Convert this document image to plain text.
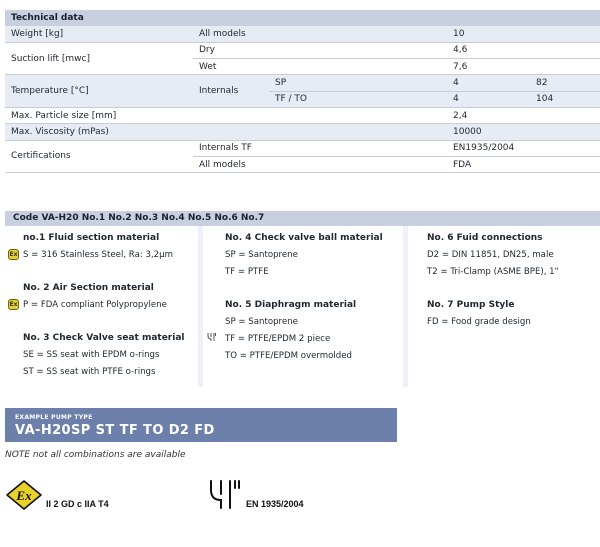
Technical data				
Weight [kg]	All models		10	
Suction lift [mwc]	Dry		4,6	
	Wet		7,6	
Temperature [°C]	Internals	SP	4	82
		TF / TO	4	104
Max. Particle size [mm]			2,4	
Max. Viscosity (mPas)			10000	
Certifications	Internals TF		EN1935/2004	
	All models		FDA	
Code VA-H20 No.1 No.2 No.3 No.4 No.5 No.6 No.7
no.1 Fluid section material
Ex S = 316 Stainless Steel, Ra: 3,2µm

No. 2 Air Section material
Ex P = FDA compliant Polypropylene

No. 3 Check Valve seat material

SE = SS seat with EPDM o-rings

ST = SS seat with PTFE o-rings

No. 4 Check valve ball material

SP = Santoprene

TF = PTFE

No. 5 Diaphragm material

SP = Santoprene

TF = PTFE/EPDM 2 piece

TO = PTFE/EPDM overmolded

No. 6 Fuid connections

D2 = DIN 11851, DN25, male

T2 = Tri-Clamp (ASME BPE), 1"

No. 7 Pump Style

FD = Food grade design

EXAMPLE PUMP TYPE
VA-H20SP ST TF TO D2 FD
NOTE not all combinations are available
Ex
II 2 GD c IIA T4	EN 1935/2004
